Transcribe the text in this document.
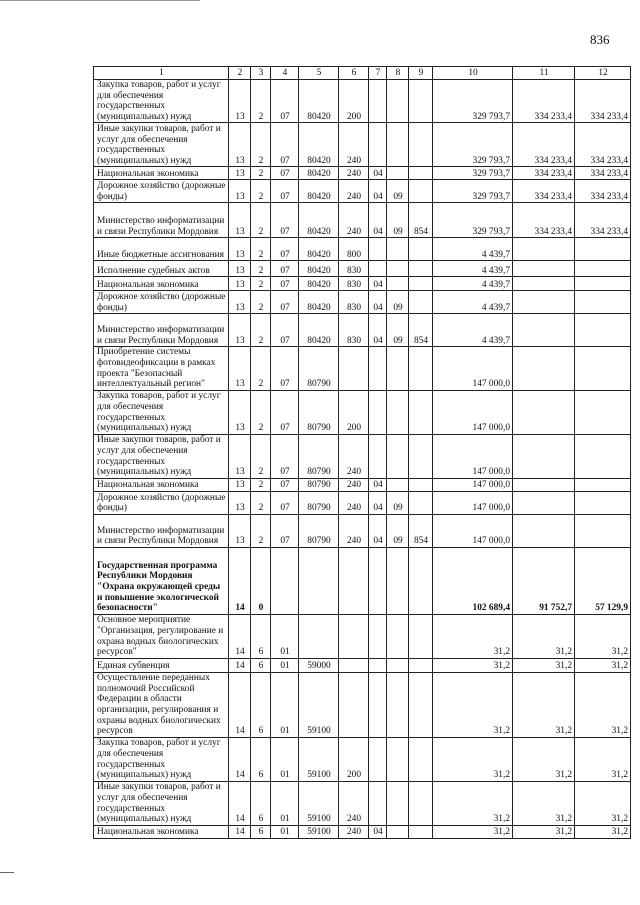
836
1	2	3	4	5	6	7	8	9	10	11	12
Закупка товаров, работ и услуг для обеспечения государственных (муниципальных) нужд	13	2	07	80420	200				329 793,7	334 233,4	334 233,4
Иные закупки товаров, работ и услуг для обеспечения государственных (муниципальных) нужд	13	2	07	80420	240				329 793,7	334 233,4	334 233,4
Национальная экономика	13	2	07	80420	240	04			329 793,7	334 233,4	334 233,4
Дорожное хозяйство (дорожные фонды)	13	2	07	80420	240	04	09		329 793,7	334 233,4	334 233,4
Министерство информатизации и связи Республики Мордовия	13	2	07	80420	240	04	09	854	329 793,7	334 233,4	334 233,4
Иные бюджетные ассигнования	13	2	07	80420	800				4 439,7		
Исполнение судебных актов	13	2	07	80420	830				4 439,7		
Национальная экономика	13	2	07	80420	830	04			4 439,7		
Дорожное хозяйство (дорожные фонды)	13	2	07	80420	830	04	09		4 439,7		
Министерство информатизации и связи Республики Мордовия	13	2	07	80420	830	04	09	854	4 439,7		
Приобретение системы фотовидеофиксации в рамках проекта "Безопасный интеллектуальный регион"	13	2	07	80790					147 000,0		
Закупка товаров, работ и услуг для обеспечения государственных (муниципальных) нужд	13	2	07	80790	200				147 000,0		
Иные закупки товаров, работ и услуг для обеспечения государственных (муниципальных) нужд	13	2	07	80790	240				147 000,0		
Национальная экономика	13	2	07	80790	240	04			147 000,0		
Дорожное хозяйство (дорожные фонды)	13	2	07	80790	240	04	09		147 000,0		
Министерство информатизации и связи Республики Мордовия	13	2	07	80790	240	04	09	854	147 000,0		
Государственная программа Республики Мордовия "Охрана окружающей среды и повышение экологической безопасности"	14	0							102 689,4	91 752,7	57 129,9
Основное мероприятие "Организация, регулирование и охрана водных биологических ресурсов"	14	6	01						31,2	31,2	31,2
Единая субвенция	14	6	01	59000					31,2	31,2	31,2
Осуществление переданных полномочий Российской Федерации в области организации, регулирования и охраны водных биологических ресурсов	14	6	01	59100					31,2	31,2	31,2
Закупка товаров, работ и услуг для обеспечения государственных (муниципальных) нужд	14	6	01	59100	200				31,2	31,2	31,2
Иные закупки товаров, работ и услуг для обеспечения государственных (муниципальных) нужд	14	6	01	59100	240				31,2	31,2	31,2
Национальная экономика	14	6	01	59100	240	04			31,2	31,2	31,2
